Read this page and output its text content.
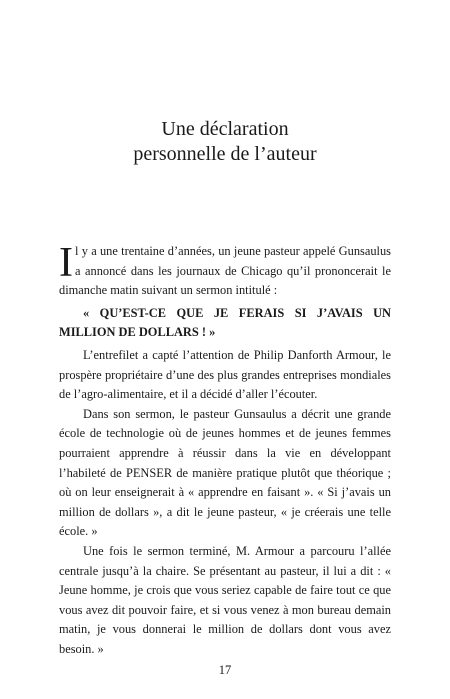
Une déclaration
personnelle de l’auteur

Il y a une trentaine d’années, un jeune pasteur appelé Gunsaulus a annoncé dans les journaux de Chicago qu’il prononcerait le dimanche matin suivant un sermon intitulé :

« QU’EST-CE QUE JE FERAIS SI J’AVAIS UN MILLION DE DOLLARS ! »

L’entrefilet a capté l’attention de Philip Danforth Armour, le prospère propriétaire d’une des plus grandes entreprises mondiales de l’agro-alimentaire, et il a décidé d’aller l’écouter.

Dans son sermon, le pasteur Gunsaulus a décrit une grande école de technologie où de jeunes hommes et de jeunes femmes pourraient apprendre à réussir dans la vie en développant l’habileté de PENSER de manière pratique plutôt que théorique ; où on leur enseignerait à « apprendre en faisant ». « Si j’avais un million de dollars », a dit le jeune pasteur, « je créerais une telle école. »

Une fois le sermon terminé, M. Armour a parcouru l’allée centrale jusqu’à la chaire. Se présentant au pasteur, il lui a dit : « Jeune homme, je crois que vous seriez capable de faire tout ce que vous avez dit pouvoir faire, et si vous venez à mon bureau demain matin, je vous donnerai le million de dollars dont vous avez besoin. »

17
